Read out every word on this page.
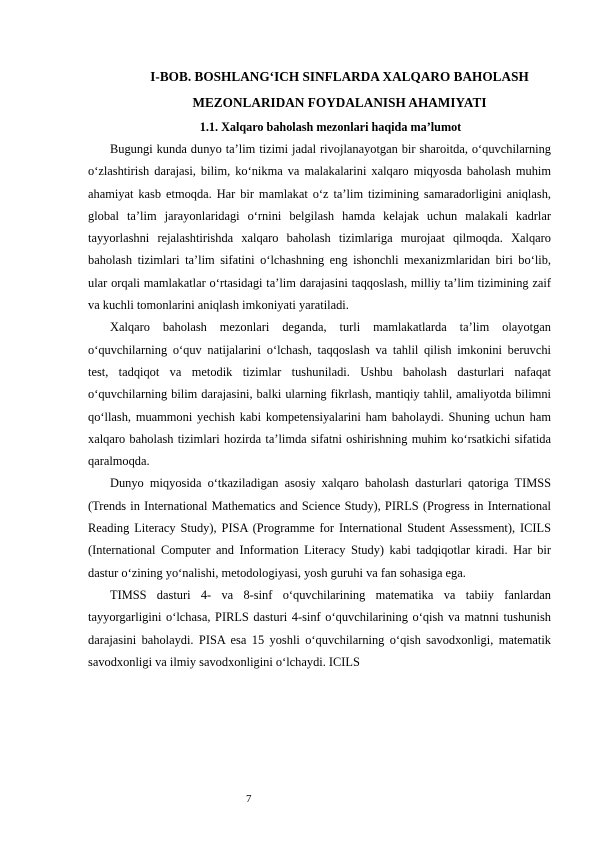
I-BOB. BOSHLANG‘ICH SINFLARDA XALQARO BAHOLASH MEZONLARIDAN FOYDALANISH AHAMIYATI
1.1. Xalqaro baholash mezonlari haqida ma’lumot

Bugungi kunda dunyo ta’lim tizimi jadal rivojlanayotgan bir sharoitda, o‘quvchilarning o‘zlashtirish darajasi, bilim, ko‘nikma va malakalarini xalqaro miqyosda baholash muhim ahamiyat kasb etmoqda. Har bir mamlakat o‘z ta’lim tizimining samaradorligini aniqlash, global ta’lim jarayonlaridagi o‘rnini belgilash hamda kelajak uchun malakali kadrlar tayyorlashni rejalashtirishda xalqaro baholash tizimlariga murojaat qilmoqda. Xalqaro baholash tizimlari ta’lim sifatini o‘lchashning eng ishonchli mexanizmlaridan biri bo‘lib, ular orqali mamlakatlar o‘rtasidagi ta’lim darajasini taqqoslash, milliy ta’lim tizimining zaif va kuchli tomonlarini aniqlash imkoniyati yaratiladi.

Xalqaro baholash mezonlari deganda, turli mamlakatlarda ta’lim olayotgan o‘quvchilarning o‘quv natijalarini o‘lchash, taqqoslash va tahlil qilish imkonini beruvchi test, tadqiqot va metodik tizimlar tushuniladi. Ushbu baholash dasturlari nafaqat o‘quvchilarning bilim darajasini, balki ularning fikrlash, mantiqiy tahlil, amaliyotda bilimni qo‘llash, muammoni yechish kabi kompetensiyalarini ham baholaydi. Shuning uchun ham xalqaro baholash tizimlari hozirda ta’limda sifatni oshirishning muhim ko‘rsatkichi sifatida qaralmoqda.

Dunyo miqyosida o‘tkaziladigan asosiy xalqaro baholash dasturlari qatoriga TIMSS (Trends in International Mathematics and Science Study), PIRLS (Progress in International Reading Literacy Study), PISA (Programme for International Student Assessment), ICILS (International Computer and Information Literacy Study) kabi tadqiqotlar kiradi. Har bir dastur o‘zining yo‘nalishi, metodologiyasi, yosh guruhi va fan sohasiga ega.

TIMSS dasturi 4- va 8-sinf o‘quvchilarining matematika va tabiiy fanlardan tayyorgarligini o‘lchasa, PIRLS dasturi 4-sinf o‘quvchilarining o‘qish va matnni tushunish darajasini baholaydi. PISA esa 15 yoshli o‘quvchilarning o‘qish savodxonligi, matematik savodxonligi va ilmiy savodxonligini o‘lchaydi. ICILS

7
